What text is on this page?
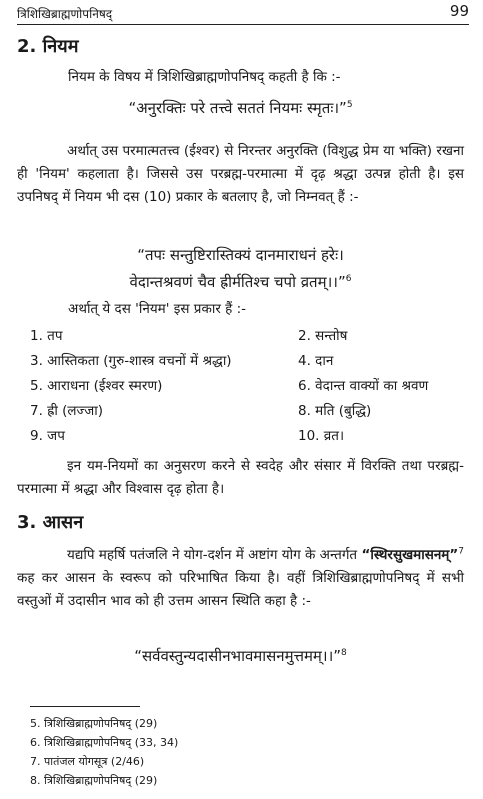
त्रिशिखिब्राह्मणोपनिषद्	99
2. नियम
नियम के विषय में त्रिशिखिब्राह्मणोपनिषद् कहती है कि :-
“अनुरक्तिः परे तत्त्वे सततं नियमः स्मृतः।”$^5$
अर्थात् उस परमात्मतत्त्व (ईश्वर) से निरन्तर अनुरक्ति (विशुद्ध प्रेम या भक्ति) रखना ही 'नियम' कहलाता है। जिससे उस परब्रह्म-परमात्मा में दृढ़ श्रद्धा उत्पन्न होती है। इस उपनिषद् में नियम भी दस (10) प्रकार के बतलाए है, जो निम्नवत् हैं :-
“तपः सन्तुष्टिरास्तिक्यं दानमाराधनं हरेः।
वेदान्तश्रवणं चैव ह्रीर्मतिश्च चपो व्रतम्।।”$^6$
अर्थात् ये दस 'नियम' इस प्रकार हैं :-
1. तप	2. सन्तोष
3. आस्तिकता (गुरु-शास्त्र वचनों में श्रद्धा)	4. दान
5. आराधना (ईश्वर स्मरण)	6. वेदान्त वाक्यों का श्रवण
7. ह्री (लज्जा)	8. मति (बुद्धि)
9. जप	10. व्रत।
इन यम-नियमों का अनुसरण करने से स्वदेह और संसार में विरक्ति तथा परब्रह्म-परमात्मा में श्रद्धा और विश्वास दृढ़ होता है।
3. आसन
यद्यपि महर्षि पतंजलि ने योग-दर्शन में अष्टांग योग के अन्तर्गत “स्थिरसुखमासनम्”$^7$ कह कर आसन के स्वरूप को परिभाषित किया है। वहीं त्रिशिखिब्राह्मणोपनिषद् में सभी वस्तुओं में उदासीन भाव को ही उत्तम आसन स्थिति कहा है :-
“सर्ववस्तुन्यदासीनभावमासनमुत्तमम्।।”$^8$
5. त्रिशिखिब्राह्मणोपनिषद् (29)
6. त्रिशिखिब्राह्मणोपनिषद् (33, 34)
7. पातंजल योगसूत्र (2/46)
8. त्रिशिखिब्राह्मणोपनिषद् (29)
